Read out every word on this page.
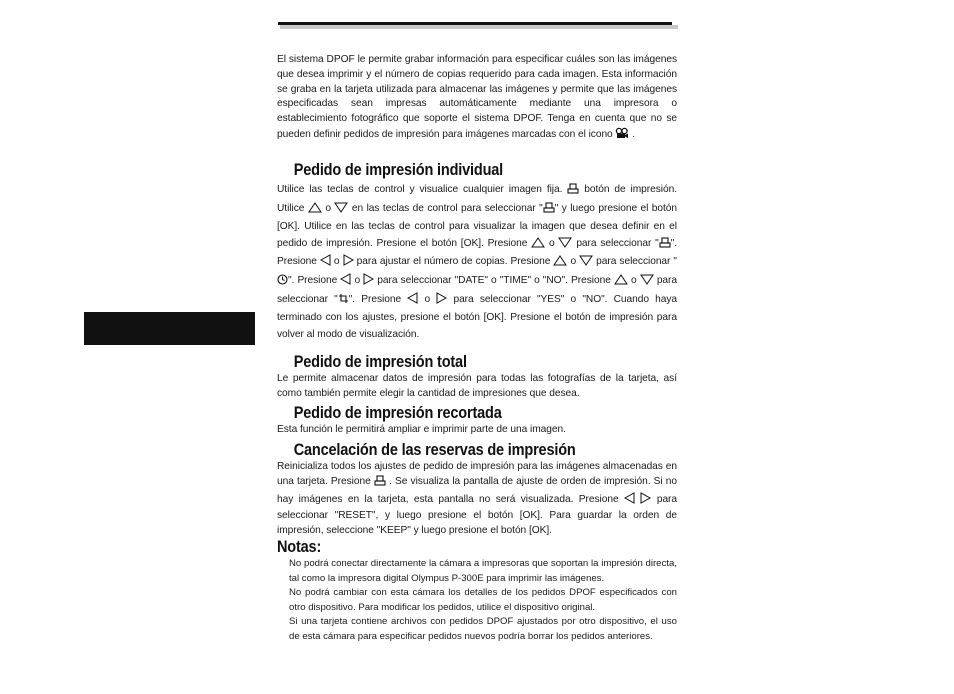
El sistema DPOF le permite grabar información para especificar cuáles son las imágenes que desea imprimir y el número de copias requerido para cada imagen. Esta información se graba en la tarjeta utilizada para almacenar las imágenes y permite que las imágenes especificadas sean impresas automáticamente mediante una impresora o establecimiento fotográfico que soporte el sistema DPOF. Tenga en cuenta que no se pueden definir pedidos de impresión para imágenes marcadas con el icono .

Pedido de impresión individual

Utilice las teclas de control y visualice cualquier imagen fija. botón de impresión. Utilice o en las teclas de control para seleccionar " " y luego presione el botón [OK]. Utilice en las teclas de control para visualizar la imagen que desea definir en el pedido de impresión. Presione el botón [OK]. Presione o para seleccionar " ". Presione o para ajustar el número de copias. Presione o para seleccionar "". Presione o para seleccionar "DATE" o "TIME" o "NO". Presione o para seleccionar " ". Presione o para seleccionar "YES" o "NO". Cuando haya terminado con los ajustes, presione el botón [OK]. Presione el botón de impresión para volver al modo de visualización.

Pedido de impresión total

Le permite almacenar datos de impresión para todas las fotografías de la tarjeta, así como también permite elegir la cantidad de impresiones que desea.

Pedido de impresión recortada

Esta función le permitirá ampliar e imprimir parte de una imagen.

Cancelación de las reservas de impresión

Reinicializa todos los ajustes de pedido de impresión para las imágenes almacenadas en una tarjeta. Presione . Se visualiza la pantalla de ajuste de orden de impresión. Si no hay imágenes en la tarjeta, esta pantalla no será visualizada. Presione	para seleccionar "RESET", y luego presione el botón [OK]. Para guardar la orden de impresión, seleccione "KEEP" y luego presione el botón [OK].

Notas:
No podrá conectar directamente la cámara a impresoras que soportan la impresión directa, tal como la impresora digital Olympus P-300E para imprimir las imágenes.
No podrá cambiar con esta cámara los detalles de los pedidos DPOF especificados con otro dispositivo. Para modificar los pedidos, utilice el dispositivo original.
Si una tarjeta contiene archivos con pedidos DPOF ajustados por otro dispositivo, el uso de esta cámara para especificar pedidos nuevos podría borrar los pedidos anteriores.
